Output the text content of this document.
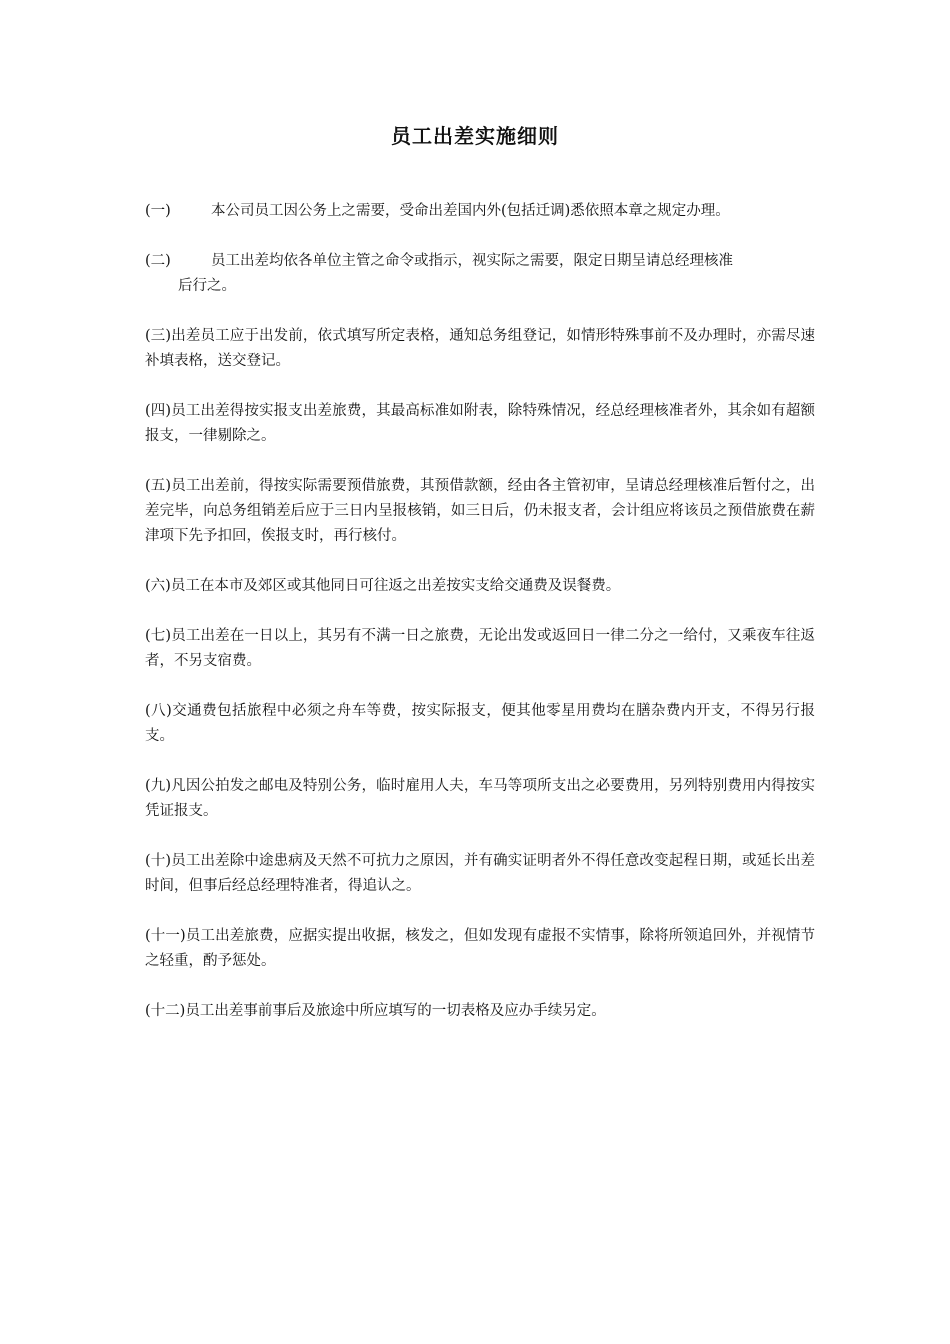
员工出差实施细则

(一)	本公司员工因公务上之需要，受命出差国内外(包括迁调)悉依照本章之规定办理。

(二)	员工出差均依各单位主管之命令或指示，视实际之需要，限定日期呈请总经理核准
后行之。

(三)出差员工应于出发前，依式填写所定表格，通知总务组登记，如情形特殊事前不及办理时，亦需尽速补填表格，送交登记。

(四)员工出差得按实报支出差旅费，其最高标准如附表，除特殊情况，经总经理核准者外，其余如有超额报支，一律剔除之。

(五)员工出差前，得按实际需要预借旅费，其预借款额，经由各主管初审，呈请总经理核准后暂付之，出差完毕，向总务组销差后应于三日内呈报核销，如三日后，仍未报支者，会计组应将该员之预借旅费在薪津项下先予扣回，俟报支时，再行核付。

(六)员工在本市及郊区或其他同日可往返之出差按实支给交通费及误餐费。

(七)员工出差在一日以上，其另有不满一日之旅费，无论出发或返回日一律二分之一给付，又乘夜车往返者，不另支宿费。

(八)交通费包括旅程中必须之舟车等费，按实际报支，便其他零星用费均在膳杂费内开支，不得另行报支。

(九)凡因公拍发之邮电及特别公务，临时雇用人夫，车马等项所支出之必要费用，另列特别费用内得按实凭证报支。

(十)员工出差除中途患病及天然不可抗力之原因，并有确实证明者外不得任意改变起程日期，或延长出差时间，但事后经总经理特准者，得追认之。

(十一)员工出差旅费，应据实提出收据，核发之，但如发现有虚报不实情事，除将所领追回外，并视情节之轻重，酌予惩处。

(十二)员工出差事前事后及旅途中所应填写的一切表格及应办手续另定。
